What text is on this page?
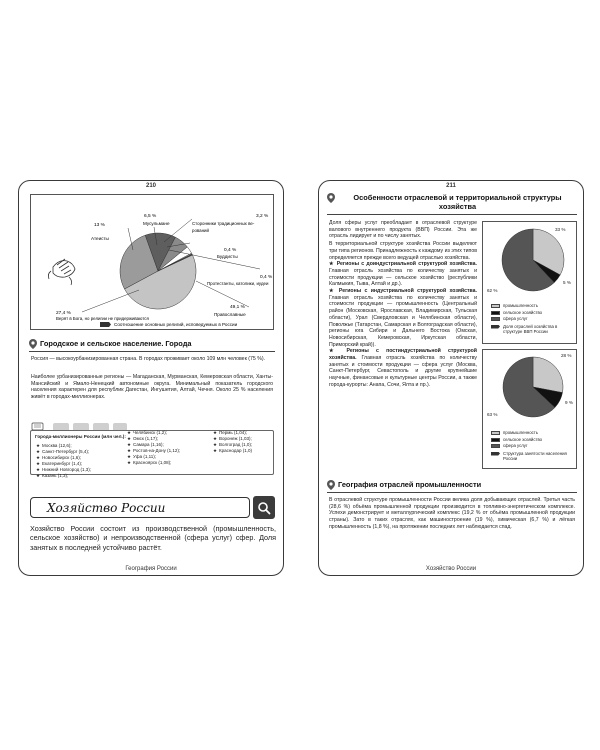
210
6,5 %
Мусульмане
3,2 %
Сторонники традиционных ве-
рований
13 %
Атеисты
0,4 %
Буддисты
0,4 %
Протестанты, католики, иудеи
49,1 %
Православные
27,4 %
Верят в Бога, но религии не придерживаются
Соотношение основных религий, исповедуемых в России
Городское и сельское население. Города
Россия — высокоурбанизированная страна. В городах проживает около 109 млн человек (75 %).
Наиболее урбанизированные регионы — Магаданская, Мурманская, Кемеровская области, Ханты-Мансийский и Ямало-Ненецкий автономные округа. Минимальный показатель городского населения характерен для республик Дагестан, Ингушетия, Алтай, Чечня. Около 25 % населения живёт в городах-миллионерах.
Города-миллионеры России (млн чел.):
★ Москва (12,6);
★ Санкт-Петербург (5,4);
★ Новосибирск (1,6);
★ Екатеринбург (1,4);
★ Нижний Новгород (1,3);
★ Казань (1,3);
★ Челябинск (1,2);
★ Омск (1,17);
★ Самара (1,16);
★ Ростов-на-Дону (1,12);
★ Уфа (1,11);
★ Красноярск (1,08);
★ Пермь (1,04);
★ Воронеж (1,03);
★ Волгоград (1,0);
★ Краснодар (1,0)
Хозяйство России
Хозяйство России состоит из производственной (промышленность, сельское хозяйство) и непроизводственной (сфера услуг) сфер. Доля занятых в последней устойчиво растёт.
География России
211
Особенности отраслевой и территориальной структуры хозяйства
Доля сферы услуг преобладает в отраслевой структуре валового внутреннего продукта (ВВП) России. Эта же отрасль лидирует и по числу занятых.
В территориальной структуре хозяйства России выделяют три типа регионов. Принадлежность к каждому из этих типов определяется прежде всего ведущей отраслью хозяйства.
★ Регионы с доиндустриальной структурой хозяйства. Главная отрасль хозяйства по количеству занятых и стоимости продукции — сельское хозяйство (республики Калмыкия, Тыва, Алтай и др.).
★ Регионы с индустриальной структурой хозяйства. Главная отрасль хозяйства по количеству занятых и стоимости продукции — промышленность (Центральный район (Московская, Ярославская, Владимирская, Тульская области), Урал (Свердловская и Челябинская области), Поволжье (Татарстан, Самарская и Волгоградская области), регионы юга Сибири и Дальнего Востока (Омская, Новосибирская, Кемеровская, Иркутская области, Приморский край)).
★ Регионы с постиндустриальной структурой хозяйства. Главная отрасль хозяйства по количеству занятых и стоимости продукции — сфера услуг (Москва, Санкт-Петербург, Севастополь и другие крупнейшие научные, финансовые и культурные центры России, а также города-курорты: Анапа, Сочи, Ялта и пр.).
33 %
5 %
62 %
промышленность
сельское хозяйство
сфера услуг
Доля отраслей хозяйства в структуре ВВП России
28 %
9 %
63 %
промышленность
сельское хозяйство
сфера услуг
Структура занятости населения России
География отраслей промышленности
В отраслевой структуре промышленности России велика доля добывающих отраслей. Третья часть (28,6 %) объёма промышленной продукции производится в топливно-энергетическом комплексе. Успехи демонстрирует и металлургический комплекс (19,2 % от объёма промышленной продукции страны). Зато в таких отраслях, как машиностроение (19 %), химическая (6,7 %) и лёгкая промышленность (1,8 %), на протяжении последних лет наблюдается спад.
Хозяйство России
